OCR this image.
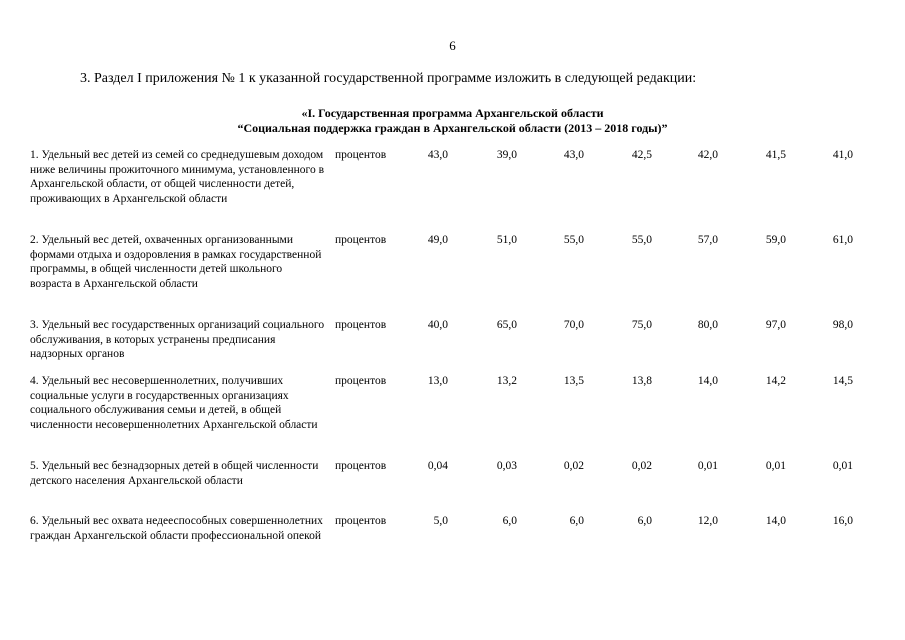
6
3. Раздел I приложения № 1 к указанной государственной программе изложить в следующей редакции:
«I. Государственная программа Архангельской области
“Социальная поддержка граждан в Архангельской области (2013 – 2018 годы)”
1. Удельный вес детей из семей со среднедушевым доходом ниже величины прожиточного минимума, установленного в Архангельской области, от общей численности детей, проживающих в Архангельской области
процентов	43,0	39,0	43,0	42,5	42,0	41,5	41,0
2. Удельный вес детей, охваченных организованными формами отдыха и оздоровления в рамках государственной программы, в общей численности детей школьного возраста в Архангельской области
процентов	49,0	51,0	55,0	55,0	57,0	59,0	61,0
3. Удельный вес государственных организаций социального обслуживания, в которых устранены предписания надзорных органов
процентов	40,0	65,0	70,0	75,0	80,0	97,0	98,0
4. Удельный вес несовершеннолетних, получивших социальные услуги в государственных организациях социального обслуживания семьи и детей, в общей численности несовершеннолетних Архангельской области
процентов	13,0	13,2	13,5	13,8	14,0	14,2	14,5
5. Удельный вес безнадзорных детей в общей численности детского населения Архангельской области
процентов	0,04	0,03	0,02	0,02	0,01	0,01	0,01
6. Удельный вес охвата недееспособных совершеннолетних граждан Архангельской области профессиональной опекой
процентов	5,0	6,0	6,0	6,0	12,0	14,0	16,0
